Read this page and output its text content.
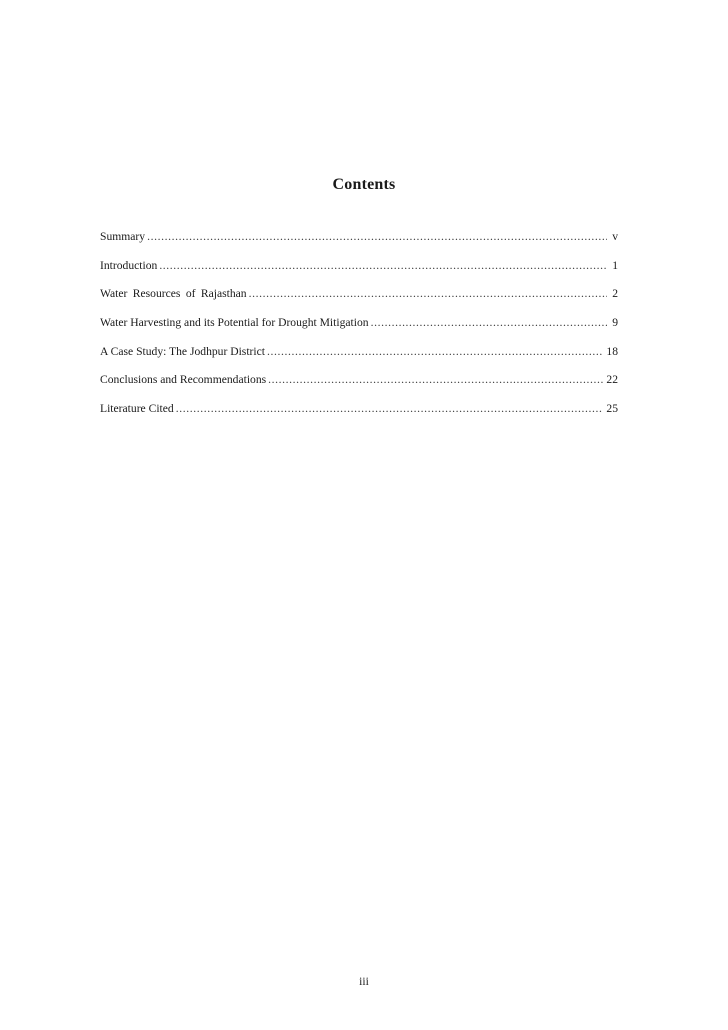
Contents
Summary .....	v
Introduction .....	1
Water Resources of Rajasthan .....	2
Water Harvesting and its Potential for Drought Mitigation .....	9
A Case Study: The Jodhpur District .....	18
Conclusions and Recommendations .....	22
Literature Cited .....	25
iii
